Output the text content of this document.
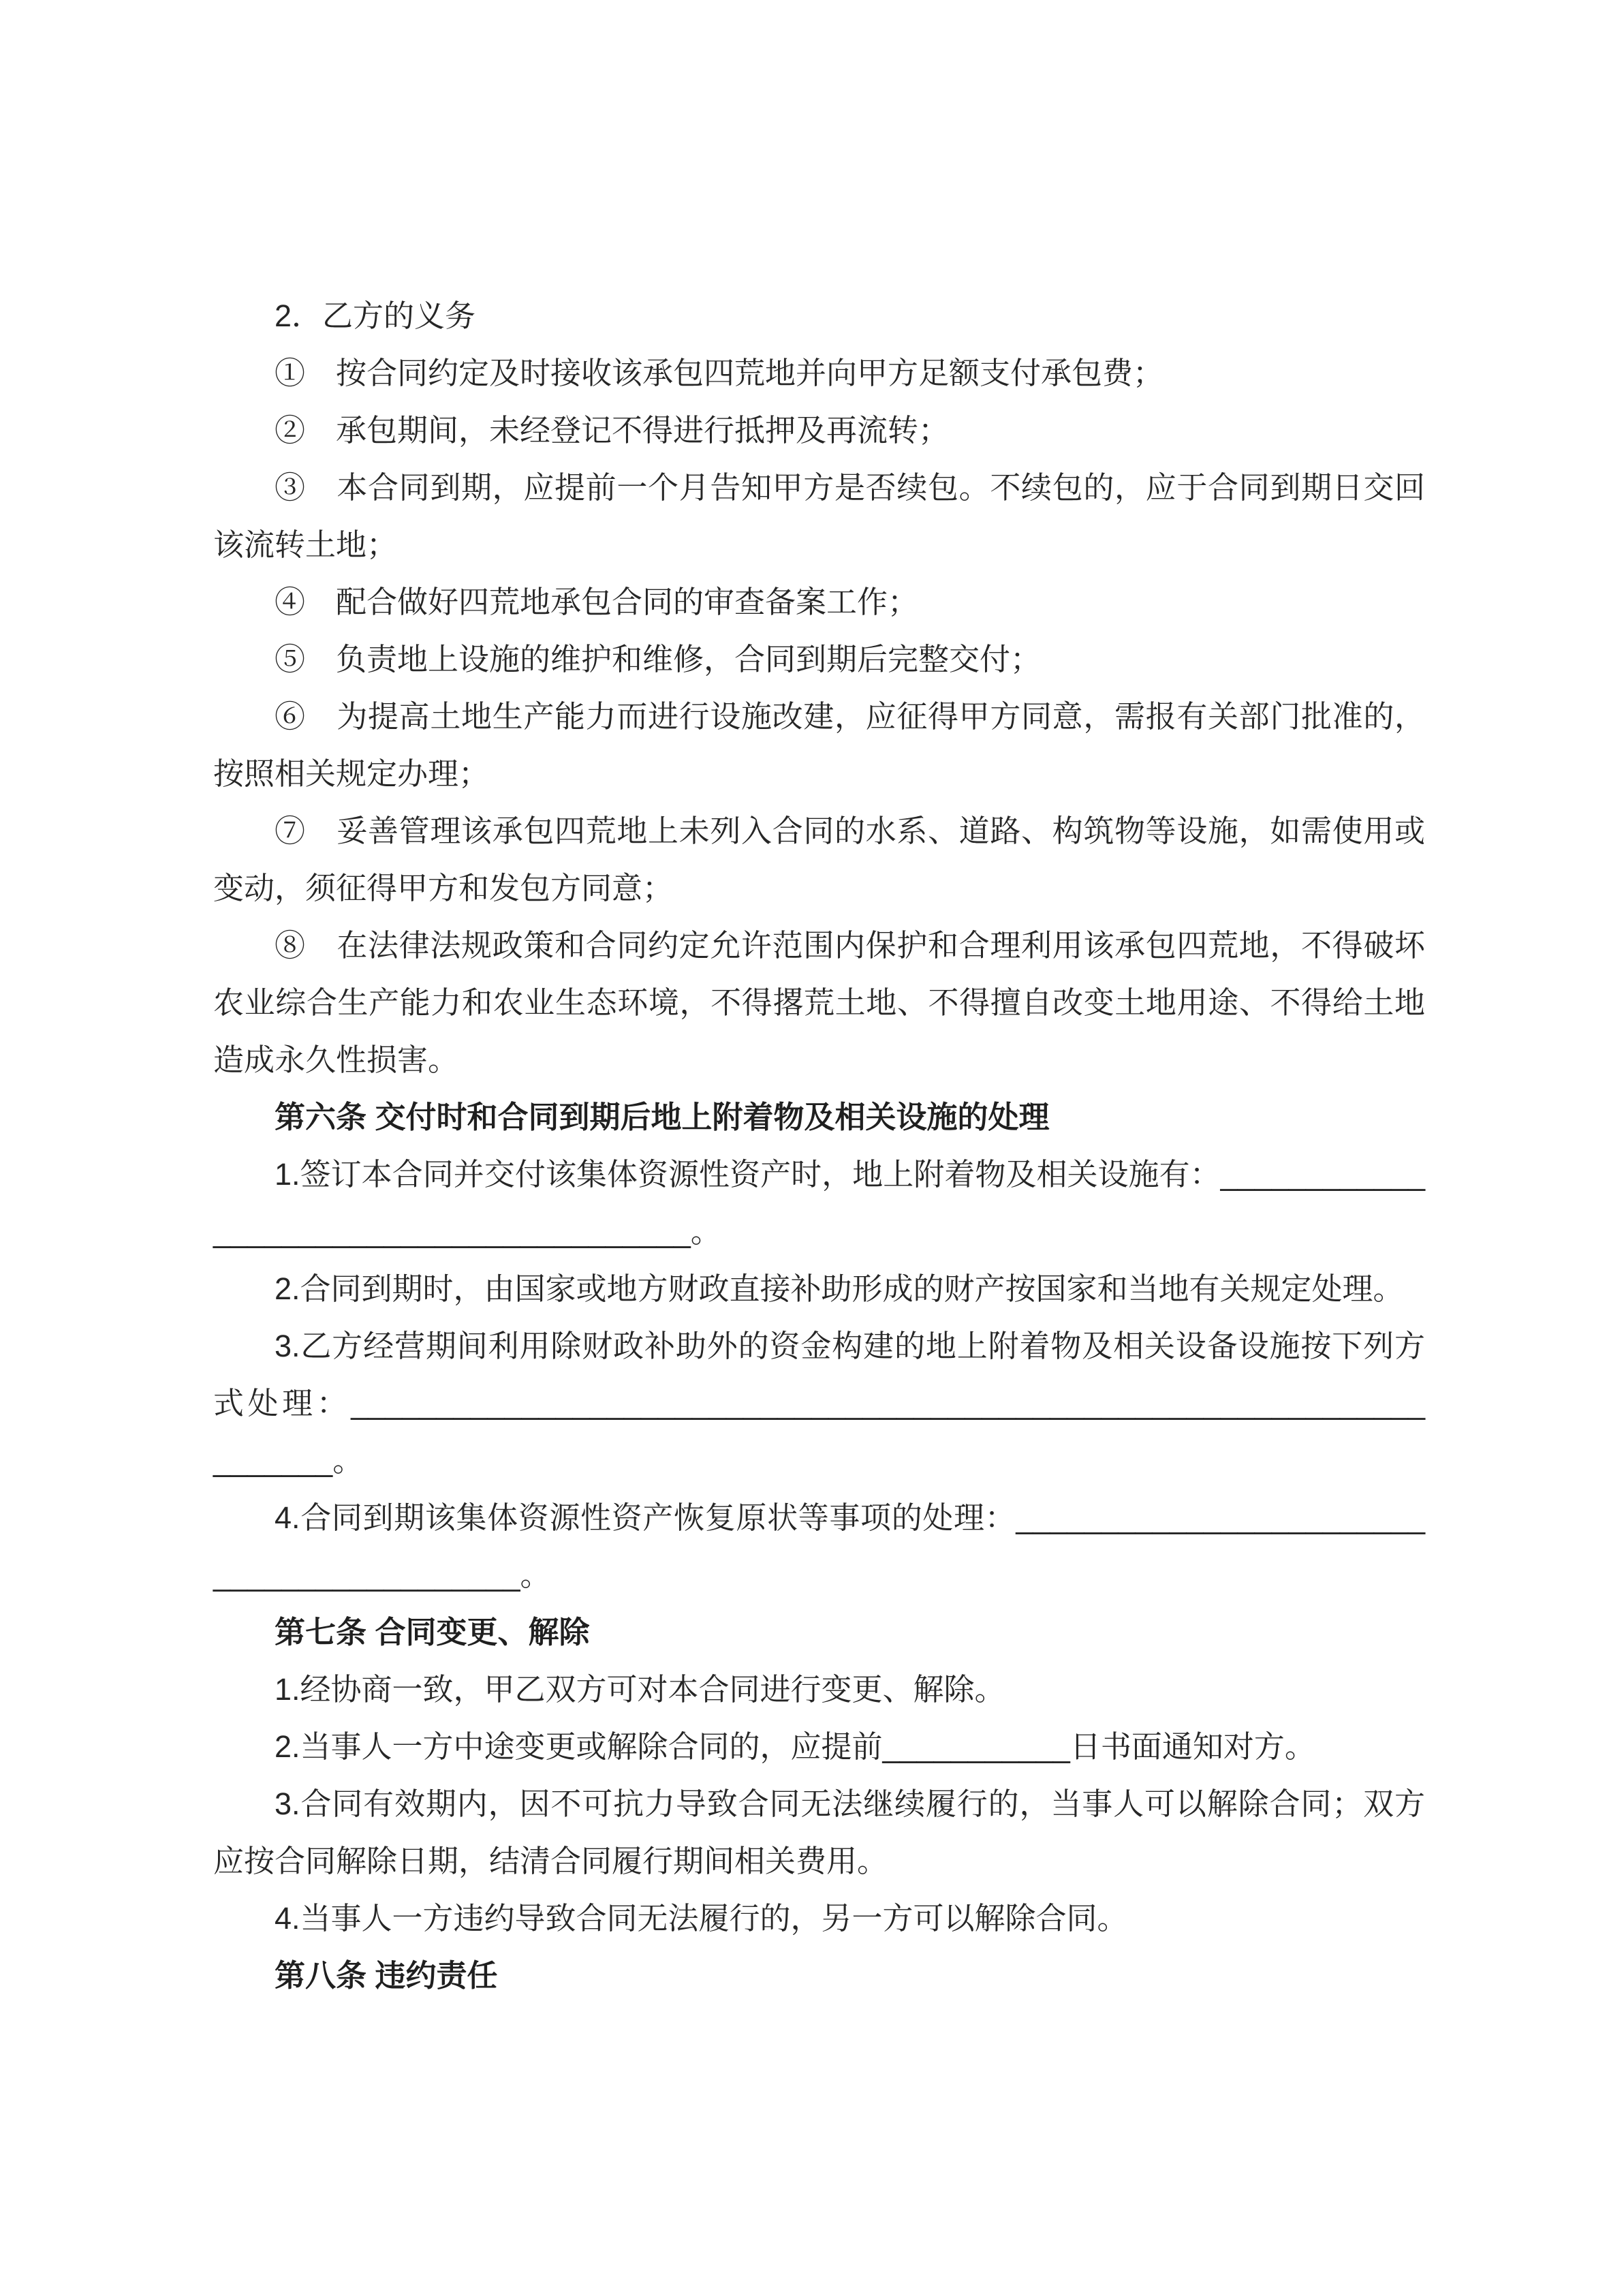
2．乙方的义务

①　按合同约定及时接收该承包四荒地并向甲方足额支付承包费；

②　承包期间，未经登记不得进行抵押及再流转；

③　本合同到期，应提前一个月告知甲方是否续包。不续包的，应于合同到期日交回该流转土地；

④　配合做好四荒地承包合同的审查备案工作；

⑤　负责地上设施的维护和维修，合同到期后完整交付；

⑥　为提高土地生产能力而进行设施改建，应征得甲方同意，需报有关部门批准的，按照相关规定办理；

⑦　妥善管理该承包四荒地上未列入合同的水系、道路、构筑物等设施，如需使用或变动，须征得甲方和发包方同意；

⑧　在法律法规政策和合同约定允许范围内保护和合理利用该承包四荒地，不得破坏农业综合生产能力和农业生态环境，不得撂荒土地、不得擅自改变土地用途、不得给土地造成永久性损害。

第六条 交付时和合同到期后地上附着物及相关设施的处理

1.签订本合同并交付该集体资源性资产时，地上附着物及相关设施有：________________________________________。

2.合同到期时，由国家或地方财政直接补助形成的财产按国家和当地有关规定处理。

3.乙方经营期间利用除财政补助外的资金构建的地上附着物及相关设备设施按下列方式处理：______________________________________________________________________。

4.合同到期该集体资源性资产恢复原状等事项的处理：__________________________________________。

第七条 合同变更、解除

1.经协商一致，甲乙双方可对本合同进行变更、解除。

2.当事人一方中途变更或解除合同的，应提前___________日书面通知对方。

3.合同有效期内，因不可抗力导致合同无法继续履行的，当事人可以解除合同；双方应按合同解除日期，结清合同履行期间相关费用。

4.当事人一方违约导致合同无法履行的，另一方可以解除合同。

第八条 违约责任
